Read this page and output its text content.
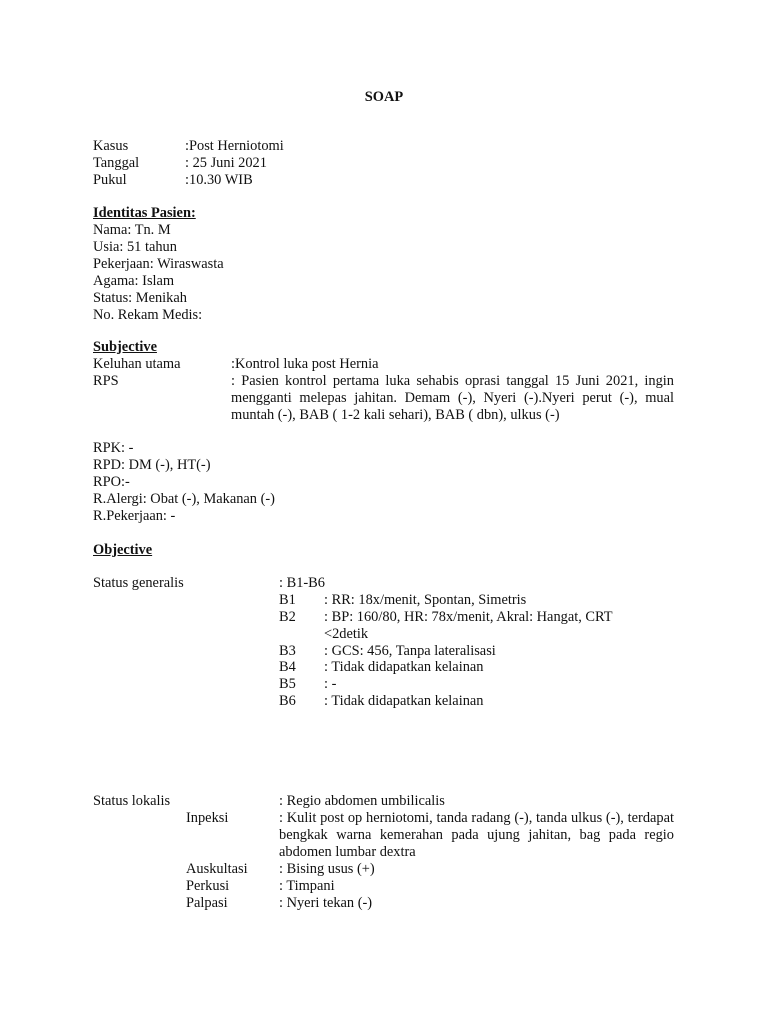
SOAP
Kasus	:Post Herniotomi
Tanggal	: 25 Juni 2021
Pukul	:10.30 WIB
Identitas Pasien:
Nama: Tn. M
Usia: 51 tahun
Pekerjaan: Wiraswasta
Agama: Islam
Status: Menikah
No. Rekam Medis:
Subjective
Keluhan utama	:Kontrol luka post Hernia
RPS	: Pasien kontrol pertama luka sehabis oprasi tanggal 15 Juni 2021, ingin mengganti melepas jahitan. Demam (-), Nyeri (-).Nyeri perut (-), mual muntah (-), BAB ( 1-2 kali sehari), BAB ( dbn), ulkus (-)
RPK: -
RPD: DM (-), HT(-)
RPO:-
R.Alergi: Obat (-), Makanan (-)
R.Pekerjaan: -
Objective
Status generalis	: B1-B6
B1 : RR: 18x/menit, Spontan, Simetris
B2 : BP: 160/80, HR: 78x/menit, Akral: Hangat, CRT
<2detik
B3 : GCS: 456, Tanpa lateralisasi
B4 : Tidak didapatkan kelainan
B5 : -
B6 : Tidak didapatkan kelainan
Status lokalis	: Regio abdomen umbilicalis
Inpeksi	: Kulit post op herniotomi, tanda radang (-), tanda ulkus (-), terdapat bengkak warna kemerahan pada ujung jahitan, bag pada regio abdomen lumbar dextra
Auskultasi : Bising usus (+)
Perkusi	: Timpani
Palpasi	: Nyeri tekan (-)
